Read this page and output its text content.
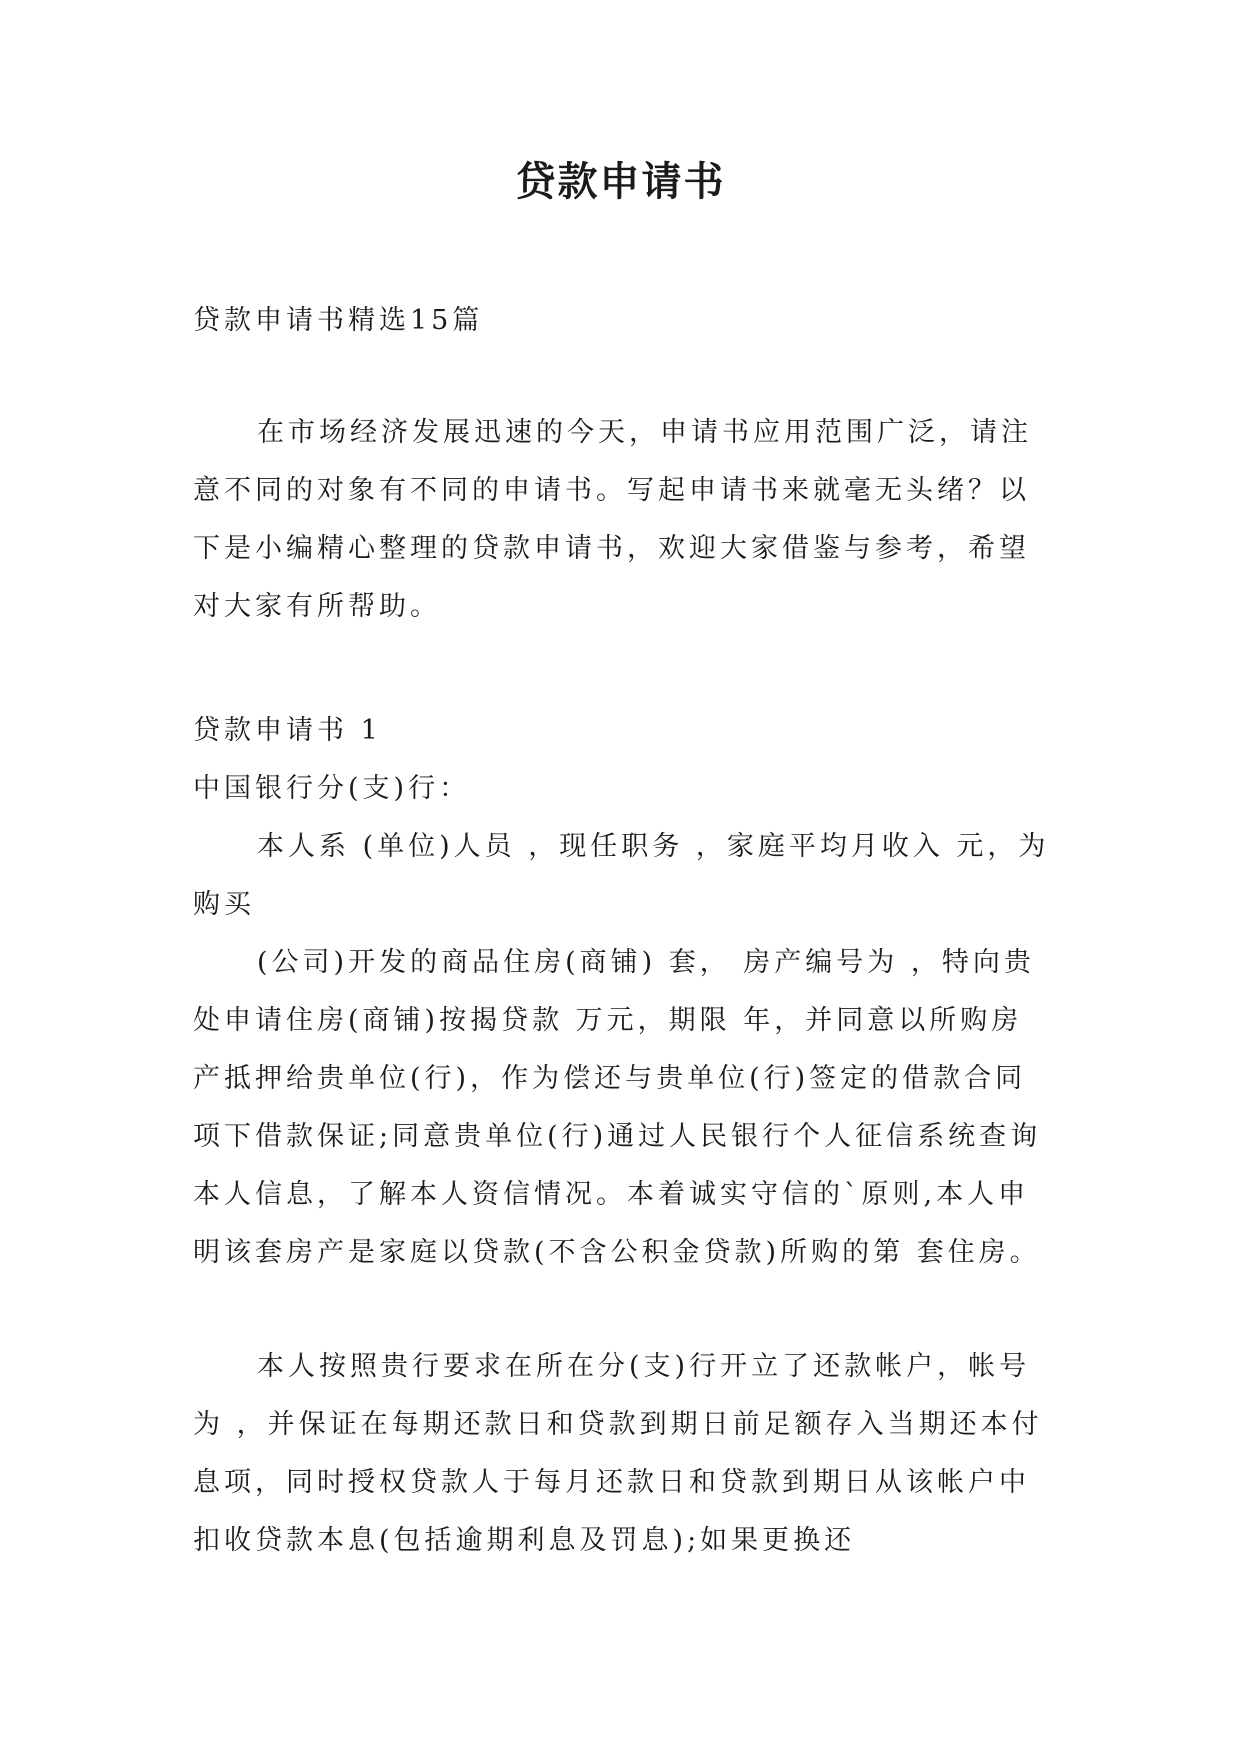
贷款申请书

贷款申请书精选15篇

在市场经济发展迅速的今天，申请书应用范围广泛，请注意不同的对象有不同的申请书。写起申请书来就毫无头绪？以下是小编精心整理的贷款申请书，欢迎大家借鉴与参考，希望对大家有所帮助。

贷款申请书 1

中国银行分(支)行：

本人系 (单位)人员 ，现任职务 ，家庭平均月收入 元，为购买

(公司)开发的商品住房(商铺) 套， 房产编号为 ，特向贵处申请住房(商铺)按揭贷款 万元，期限 年，并同意以所购房产抵押给贵单位(行)，作为偿还与贵单位(行)签定的借款合同项下借款保证;同意贵单位(行)通过人民银行个人征信系统查询本人信息，了解本人资信情况。本着诚实守信的`原则,本人申明该套房产是家庭以贷款(不含公积金贷款)所购的第 套住房。

本人按照贵行要求在所在分(支)行开立了还款帐户，帐号为 ，并保证在每期还款日和贷款到期日前足额存入当期还本付息项，同时授权贷款人于每月还款日和贷款到期日从该帐户中扣收贷款本息(包括逾期利息及罚息);如果更换还
